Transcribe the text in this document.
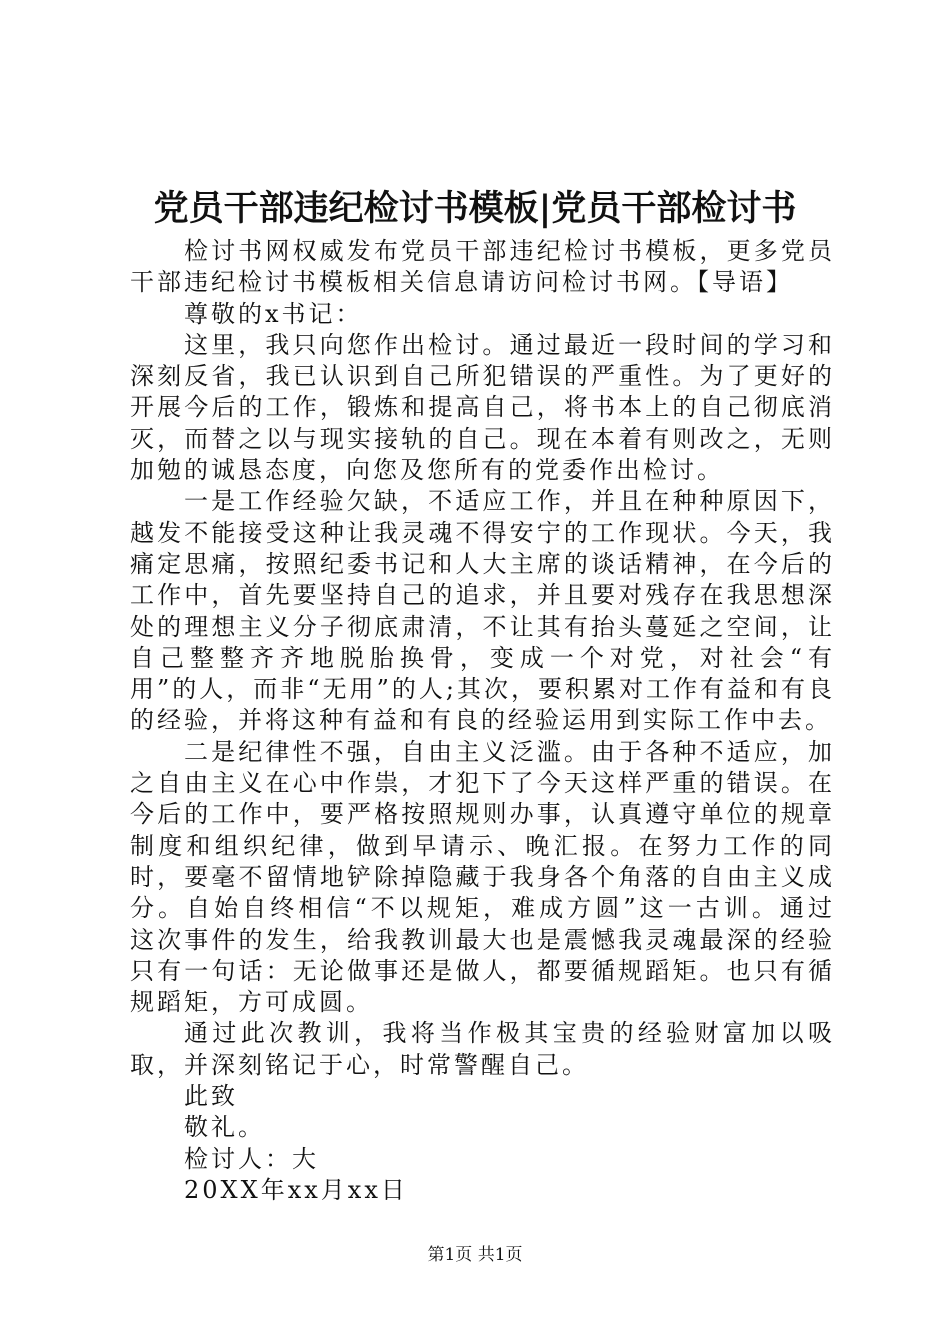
党员干部违纪检讨书模板|党员干部检讨书

检讨书网权威发布党员干部违纪检讨书模板，更多党员干部违纪检讨书模板相关信息请访问检讨书网。【导语】

尊敬的x书记：

这里，我只向您作出检讨。通过最近一段时间的学习和深刻反省，我已认识到自己所犯错误的严重性。为了更好的开展今后的工作，锻炼和提高自己，将书本上的自己彻底消灭，而替之以与现实接轨的自己。现在本着有则改之，无则加勉的诚恳态度，向您及您所有的党委作出检讨。

一是工作经验欠缺，不适应工作，并且在种种原因下，越发不能接受这种让我灵魂不得安宁的工作现状。今天，我痛定思痛，按照纪委书记和人大主席的谈话精神，在今后的工作中，首先要坚持自己的追求，并且要对残存在我思想深处的理想主义分子彻底肃清，不让其有抬头蔓延之空间，让自己整整齐齐地脱胎换骨，变成一个对党，对社会“有用”的人，而非“无用”的人;其次，要积累对工作有益和有良的经验，并将这种有益和有良的经验运用到实际工作中去。

二是纪律性不强，自由主义泛滥。由于各种不适应，加之自由主义在心中作祟，才犯下了今天这样严重的错误。在今后的工作中，要严格按照规则办事，认真遵守单位的规章制度和组织纪律，做到早请示、晚汇报。在努力工作的同时，要毫不留情地铲除掉隐藏于我身各个角落的自由主义成分。自始自终相信“不以规矩，难成方圆”这一古训。通过这次事件的发生，给我教训最大也是震憾我灵魂最深的经验只有一句话：无论做事还是做人，都要循规蹈矩。也只有循规蹈矩，方可成圆。

通过此次教训，我将当作极其宝贵的经验财富加以吸取，并深刻铭记于心，时常警醒自己。

此致

敬礼。

检讨人：大

20XX年xx月xx日

第1页 共1页
